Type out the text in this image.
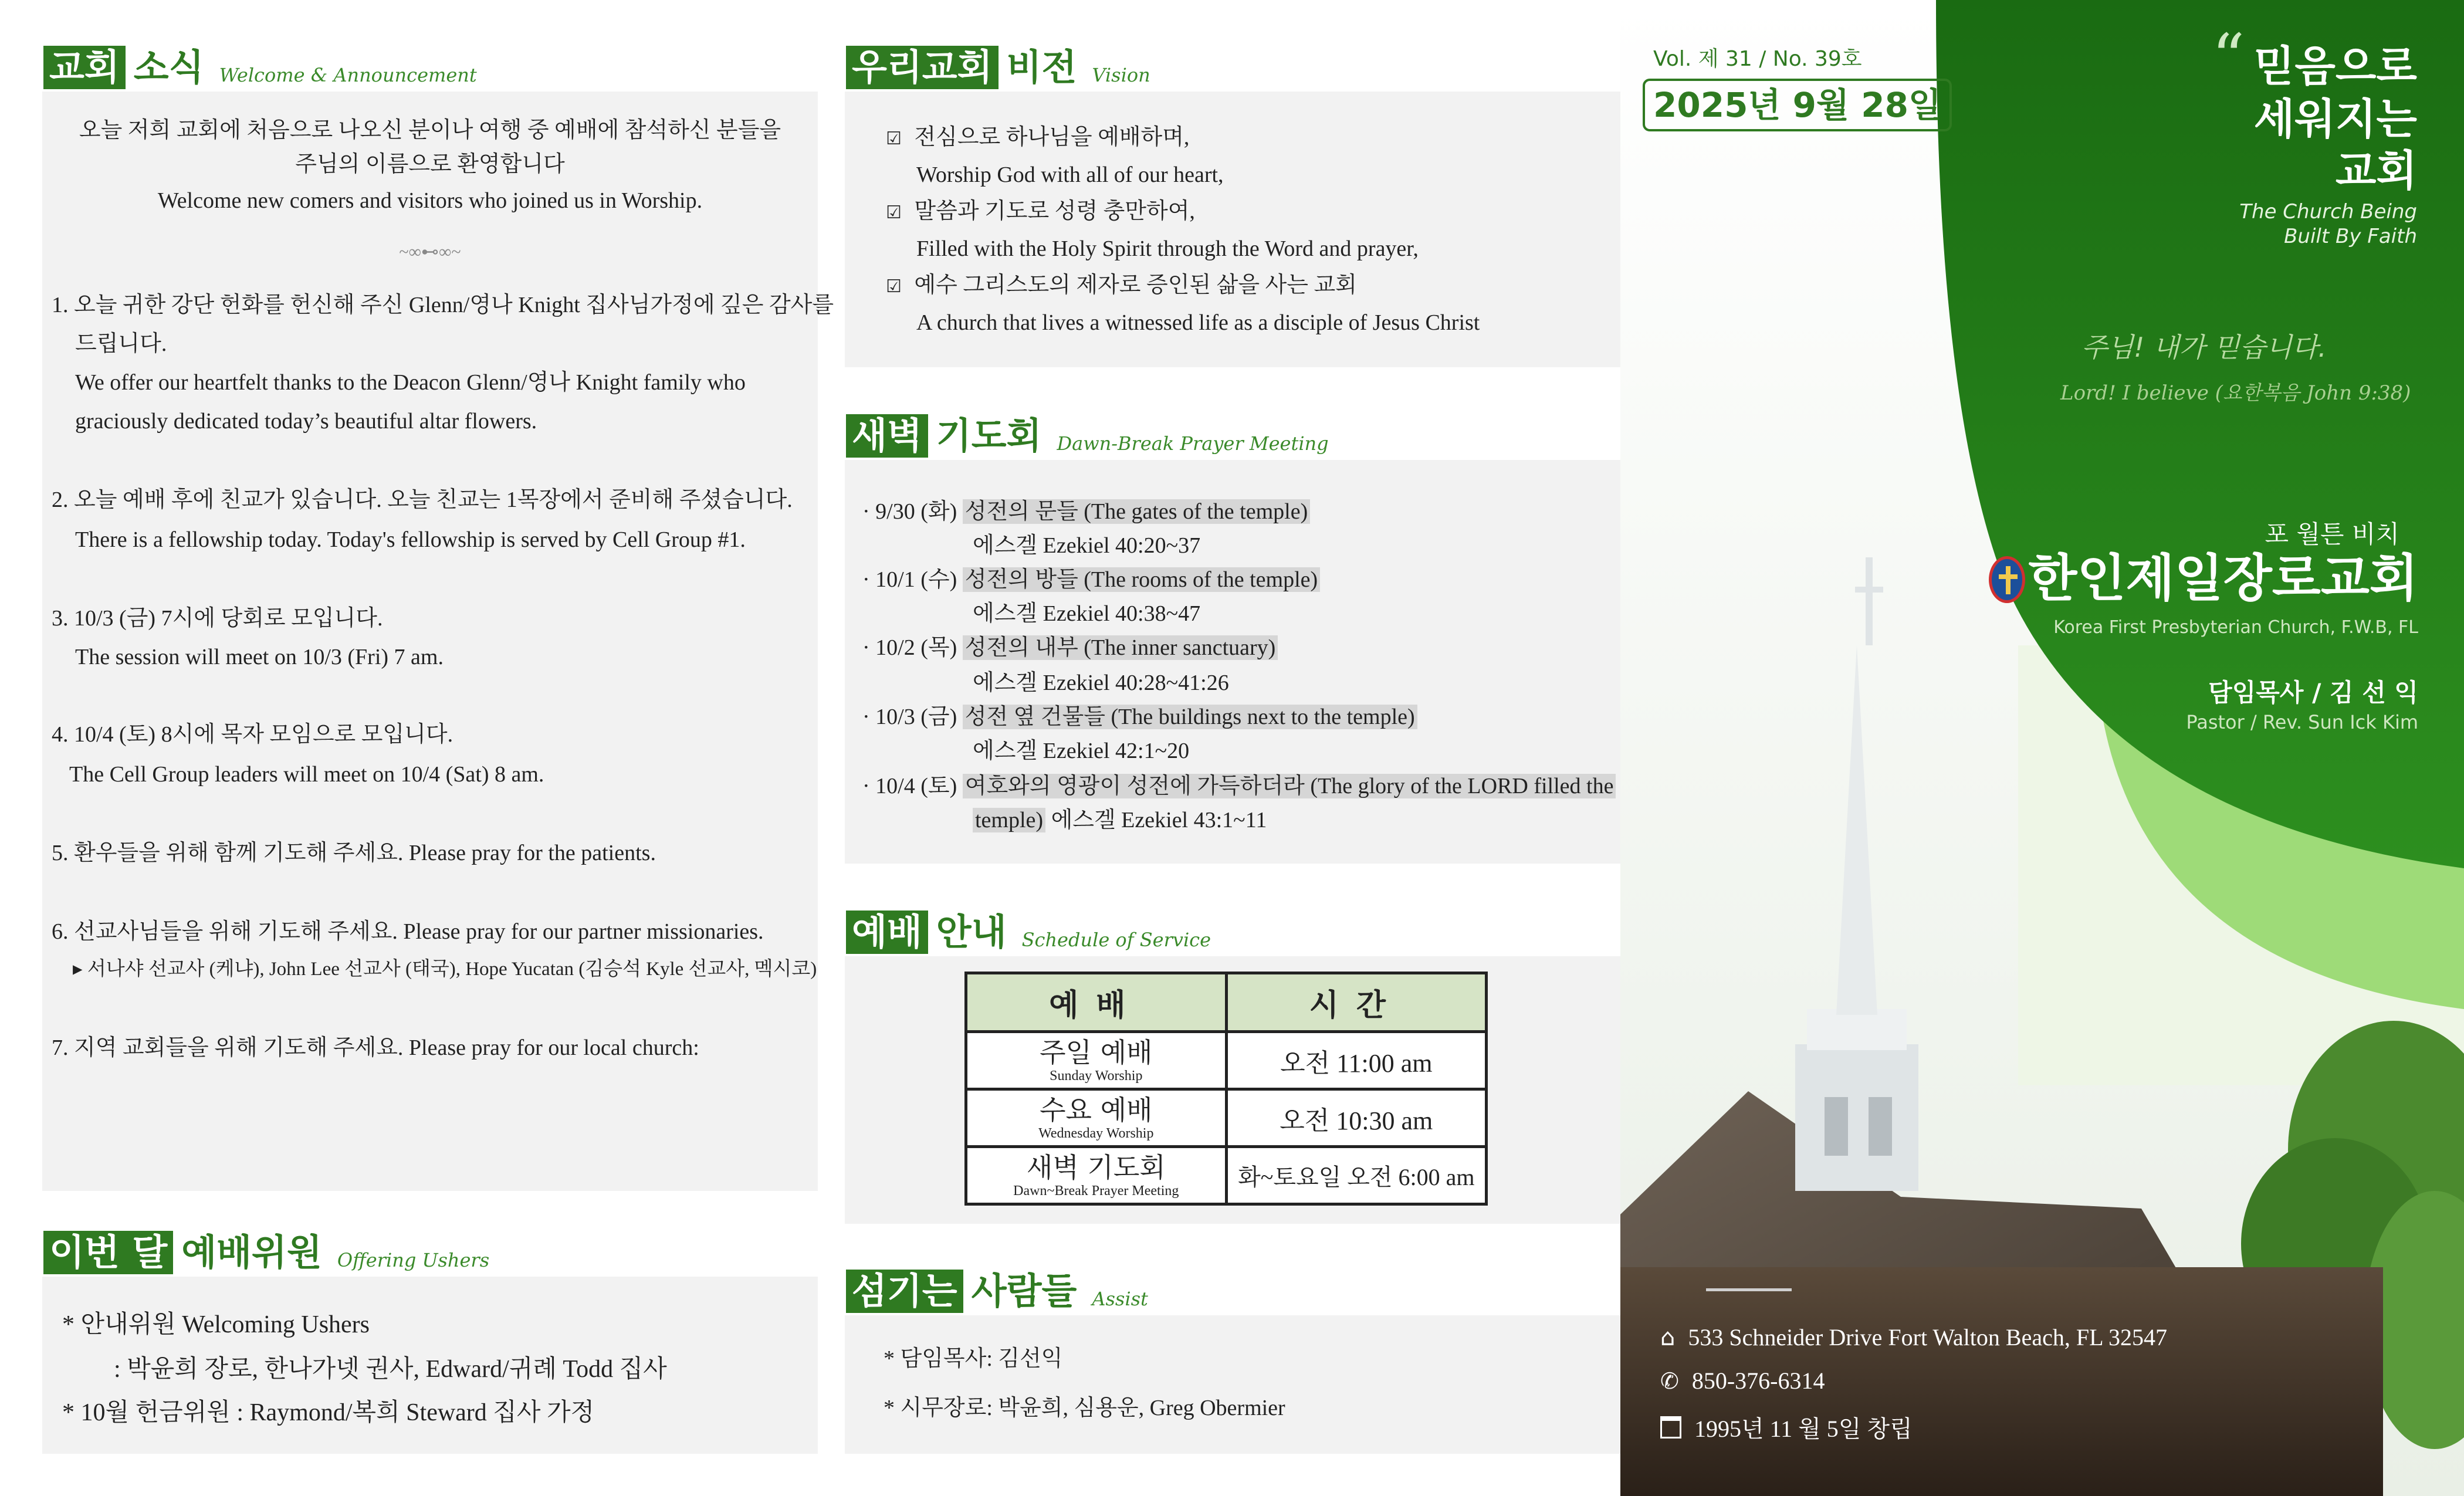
교회 소식 Welcome & Announcement
오늘 저희 교회에 처음으로 나오신 분이나 여행 중 예배에 참석하신 분들을
주님의 이름으로 환영합니다
Welcome new comers and visitors who joined us in Worship.
~∞⊷∞~
1. 오늘 귀한 강단 헌화를 헌신해 주신 Glenn/영나 Knight 집사님가정에 깊은 감사를
드립니다.
We offer our heartfelt thanks to the Deacon Glenn/영나 Knight family who
graciously dedicated today’s beautiful altar flowers.
2. 오늘 예배 후에 친교가 있습니다. 오늘 친교는 1목장에서 준비해 주셨습니다.
There is a fellowship today. Today's fellowship is served by Cell Group #1.
3. 10/3 (금) 7시에 당회로 모입니다.
The session will meet on 10/3 (Fri) 7 am.
4. 10/4 (토) 8시에 목자 모임으로 모입니다.
The Cell Group leaders will meet on 10/4 (Sat) 8 am.
5. 환우들을 위해 함께 기도해 주세요. Please pray for the patients.
6. 선교사님들을 위해 기도해 주세요. Please pray for our partner missionaries.
▸ 서나샤 선교사 (케냐), John Lee 선교사 (태국), Hope Yucatan (김승석 Kyle 선교사, 멕시코)
7. 지역 교회들을 위해 기도해 주세요. Please pray for our local church:
이번 달 예배위원 Offering Ushers
* 안내위원 Welcoming Ushers
: 박윤희 장로, 한나가넷 권사, Edward/귀례 Todd 집사
* 10월 헌금위원 : Raymond/복희 Steward 집사 가정
우리교회 비전 Vision
☑ 전심으로 하나님을 예배하며,
Worship God with all of our heart,
☑ 말씀과 기도로 성령 충만하여,
Filled with the Holy Spirit through the Word and prayer,
☑ 예수 그리스도의 제자로 증인된 삶을 사는 교회
A church that lives a witnessed life as a disciple of Jesus Christ
새벽 기도회 Dawn-Break Prayer Meeting
· 9/30 (화) 성전의 문들 (The gates of the temple)
에스겔 Ezekiel 40:20~37
· 10/1 (수) 성전의 방들 (The rooms of the temple)
에스겔 Ezekiel 40:38~47
· 10/2 (목) 성전의 내부 (The inner sanctuary)
에스겔 Ezekiel 40:28~41:26
· 10/3 (금) 성전 옆 건물들 (The buildings next to the temple)
에스겔 Ezekiel 42:1~20
· 10/4 (토) 여호와의 영광이 성전에 가득하더라 (The glory of the LORD filled the
temple) 에스겔 Ezekiel 43:1~11
예배 안내 Schedule of Service
예배	시간

주일 예배
Sunday Worship	오전 11:00 am

수요 예배
Wednesday Worship	오전 10:30 am

새벽 기도회
Dawn~Break Prayer Meeting	화~토요일 오전 6:00 am
섬기는 사람들 Assist
* 담임목사: 김선익
* 시무장로: 박윤희, 심용운, Greg Obermier
Vol. 제 31 / No. 39호
2025년 9월 28일
“ 믿음으로
세워지는
교회
The Church Being
Built By Faith
주님! 내가 믿습니다.
Lord! I believe (요한복음 John 9:38)
포 월튼 비치
한인제일장로교회
Korea First Presbyterian Church, F.W.B, FL
담임목사 / 김 선 익
Pastor / Rev. Sun Ick Kim
⌂ 533 Schneider Drive Fort Walton Beach, FL 32547
✆ 850-376-6314
1995년 11 월 5일 창립
